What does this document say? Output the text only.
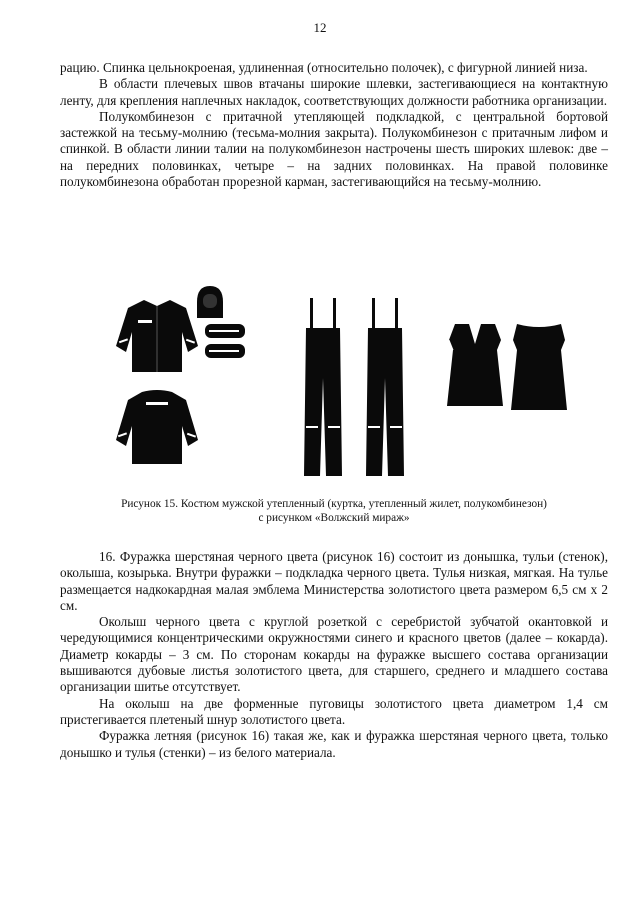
12

рацию. Спинка цельнокроеная, удлиненная (относительно полочек), с фигурной линией низа.

В области плечевых швов втачаны широкие шлевки, застегивающиеся на контактную ленту, для крепления наплечных накладок, соответствующих должности работника организации.

Полукомбинезон с притачной утепляющей подкладкой, с центральной бортовой застежкой на тесьму-молнию (тесьма-молния закрыта). Полукомбинезон с притачным лифом и спинкой. В области линии талии на полукомбинезон настрочены шесть широких шлевок: две – на передних половинках, четыре – на задних половинках. На правой половинке полукомбинезона обработан прорезной карман, застегивающийся на тесьму-молнию.

Рисунок 15. Костюм мужской утепленный (куртка, утепленный жилет, полукомбинезон)
с рисунком «Волжский мираж»

16. Фуражка шерстяная черного цвета (рисунок 16) состоит из донышка, тульи (стенок), околыша, козырька. Внутри фуражки – подкладка черного цвета. Тулья низкая, мягкая. На тулье размещается надкокардная малая эмблема Министерства золотистого цвета размером 6,5 см х 2 см.

Околыш черного цвета с круглой розеткой с серебристой зубчатой окантовкой и чередующимися концентрическими окружностями синего и красного цветов (далее – кокарда). Диаметр кокарды – 3 см. По сторонам кокарды на фуражке высшего состава организации вышиваются дубовые листья золотистого цвета, для старшего, среднего и младшего состава организации шитье отсутствует.

На околыш на две форменные пуговицы золотистого цвета диаметром 1,4 см пристегивается плетеный шнур золотистого цвета.

Фуражка летняя (рисунок 16) такая же, как и фуражка шерстяная черного цвета, только донышко и тулья (стенки) – из белого материала.
